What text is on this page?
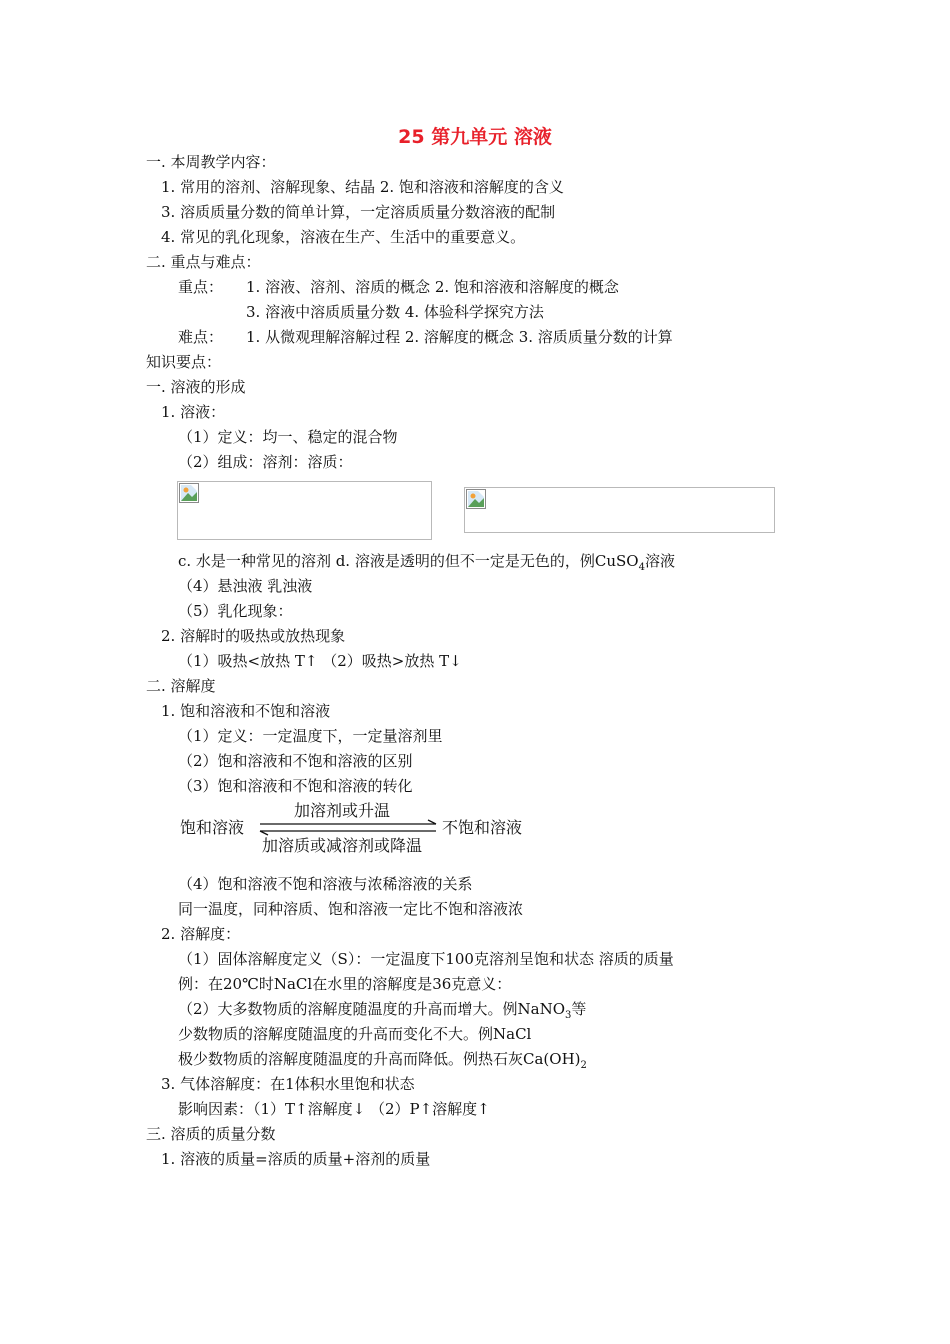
25 第九单元 溶液
一. 本周教学内容：
1. 常用的溶剂、溶解现象、结晶 2. 饱和溶液和溶解度的含义
3. 溶质质量分数的简单计算，一定溶质质量分数溶液的配制
4. 常见的乳化现象，溶液在生产、生活中的重要意义。
二. 重点与难点：
重点： 1. 溶液、溶剂、溶质的概念 2. 饱和溶液和溶解度的概念
3. 溶液中溶质质量分数 4. 体验科学探究方法
难点： 1. 从微观理解溶解过程 2. 溶解度的概念 3. 溶质质量分数的计算
知识要点：
一. 溶液的形成
1. 溶液：
（1）定义：均一、稳定的混合物
（2）组成：溶剂：溶质：
c. 水是一种常见的溶剂 d. 溶液是透明的但不一定是无色的，例CuSO$_4$溶液
（4）悬浊液 乳浊液
（5）乳化现象：
2. 溶解时的吸热或放热现象
（1）吸热<放热 T↑ （2）吸热>放热 T↓
二. 溶解度
1. 饱和溶液和不饱和溶液
（1）定义：一定温度下，一定量溶剂里
（2）饱和溶液和不饱和溶液的区别
（3）饱和溶液和不饱和溶液的转化
加溶剂或升温
饱和溶液	不饱和溶液
加溶质或减溶剂或降温
（4）饱和溶液不饱和溶液与浓稀溶液的关系
同一温度，同种溶质、饱和溶液一定比不饱和溶液浓
2. 溶解度：
（1）固体溶解度定义（S）：一定温度下100克溶剂呈饱和状态 溶质的质量
例：在20℃时NaCl在水里的溶解度是36克意义：
（2）大多数物质的溶解度随温度的升高而增大。例NaNO$_3$等
少数物质的溶解度随温度的升高而变化不大。例NaCl
极少数物质的溶解度随温度的升高而降低。例热石灰$Ca(OH)_2$
3. 气体溶解度：在1体积水里饱和状态
影响因素：（1）T↑溶解度↓ （2）P↑溶解度↑
三. 溶质的质量分数
1. 溶液的质量=溶质的质量+溶剂的质量
